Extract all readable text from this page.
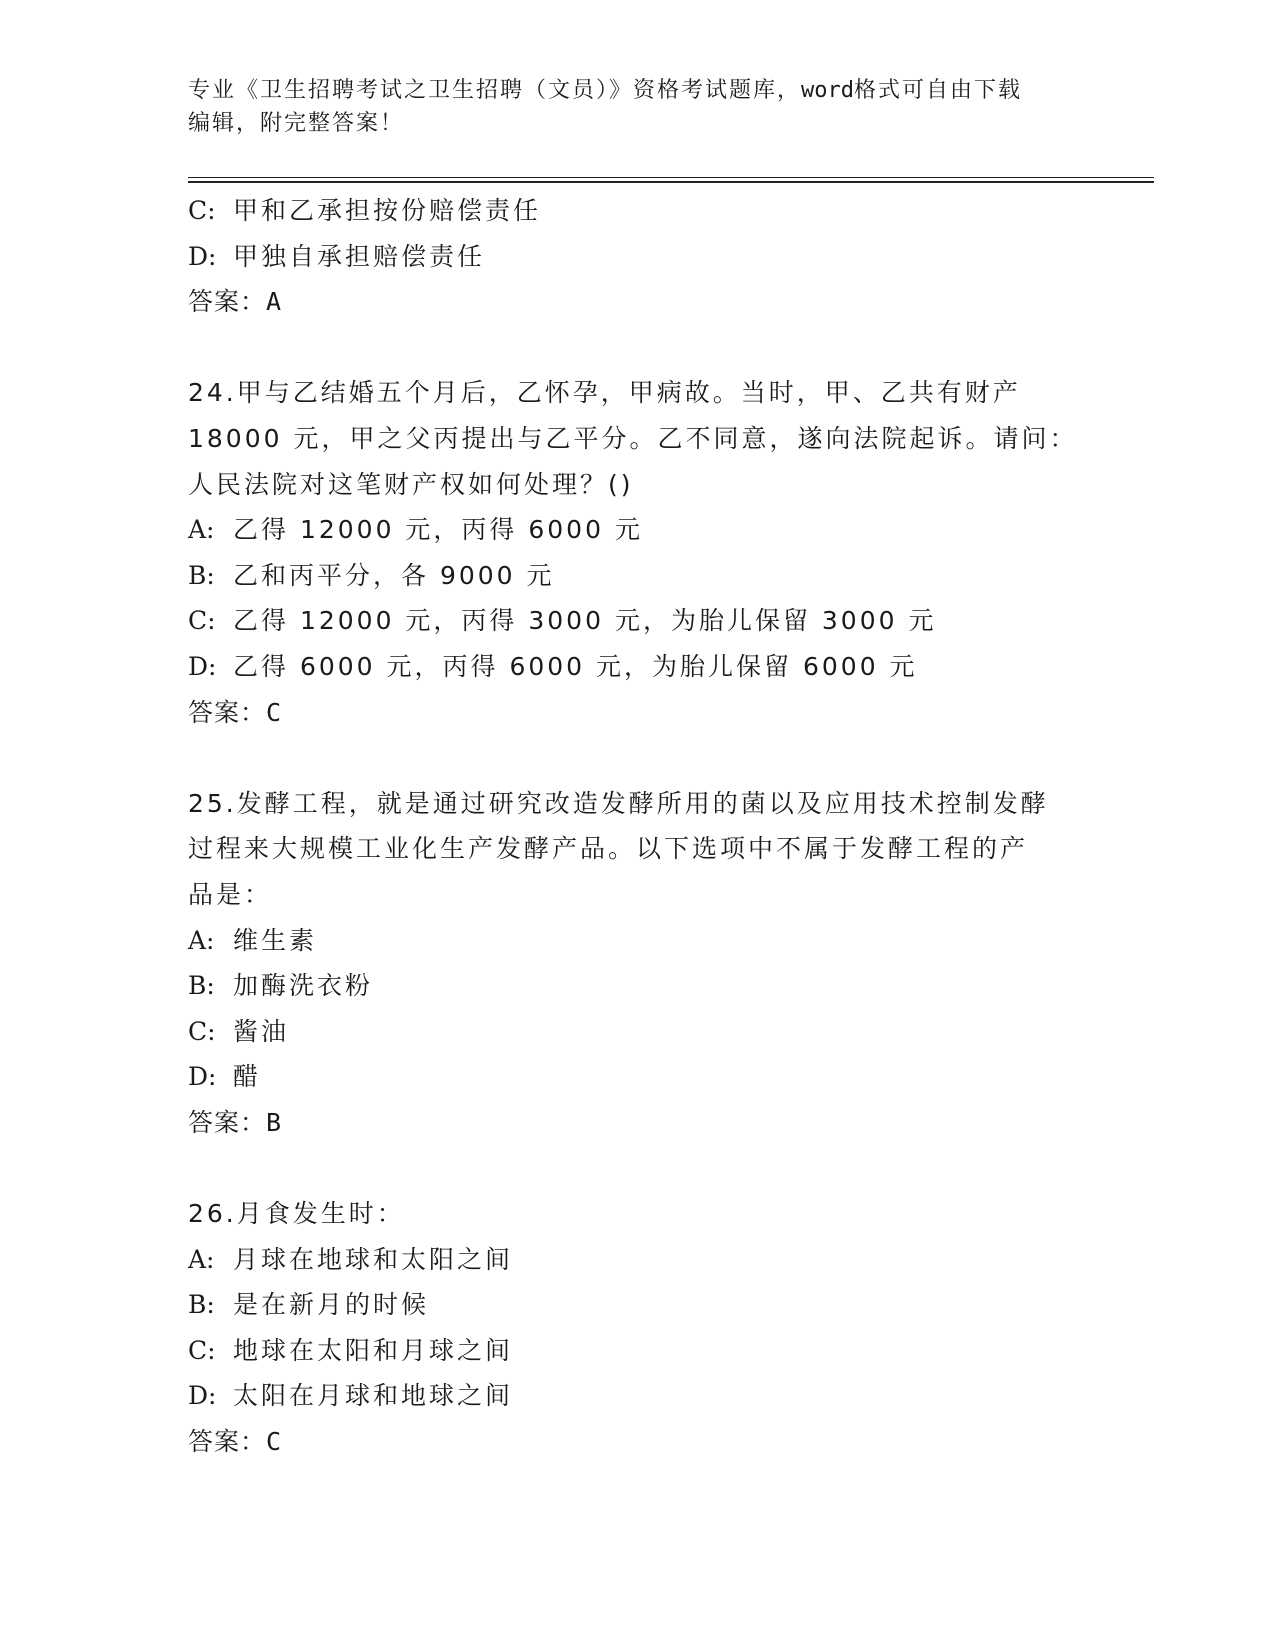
专业《卫生招聘考试之卫生招聘（文员）》资格考试题库，word格式可自由下载
编辑，附完整答案！
C: 甲和乙承担按份赔偿责任
D: 甲独自承担赔偿责任
答案：A
24.甲与乙结婚五个月后，乙怀孕，甲病故。当时，甲、乙共有财产
18000 元，甲之父丙提出与乙平分。乙不同意，遂向法院起诉。请问：
人民法院对这笔财产权如何处理？()
A: 乙得 12000 元，丙得 6000 元
B: 乙和丙平分，各 9000 元
C: 乙得 12000 元，丙得 3000 元，为胎儿保留 3000 元
D: 乙得 6000 元，丙得 6000 元，为胎儿保留 6000 元
答案：C
25.发酵工程，就是通过研究改造发酵所用的菌以及应用技术控制发酵
过程来大规模工业化生产发酵产品。以下选项中不属于发酵工程的产
品是：
A: 维生素
B: 加酶洗衣粉
C: 酱油
D: 醋
答案：B
26.月食发生时：
A: 月球在地球和太阳之间
B: 是在新月的时候
C: 地球在太阳和月球之间
D: 太阳在月球和地球之间
答案：C
